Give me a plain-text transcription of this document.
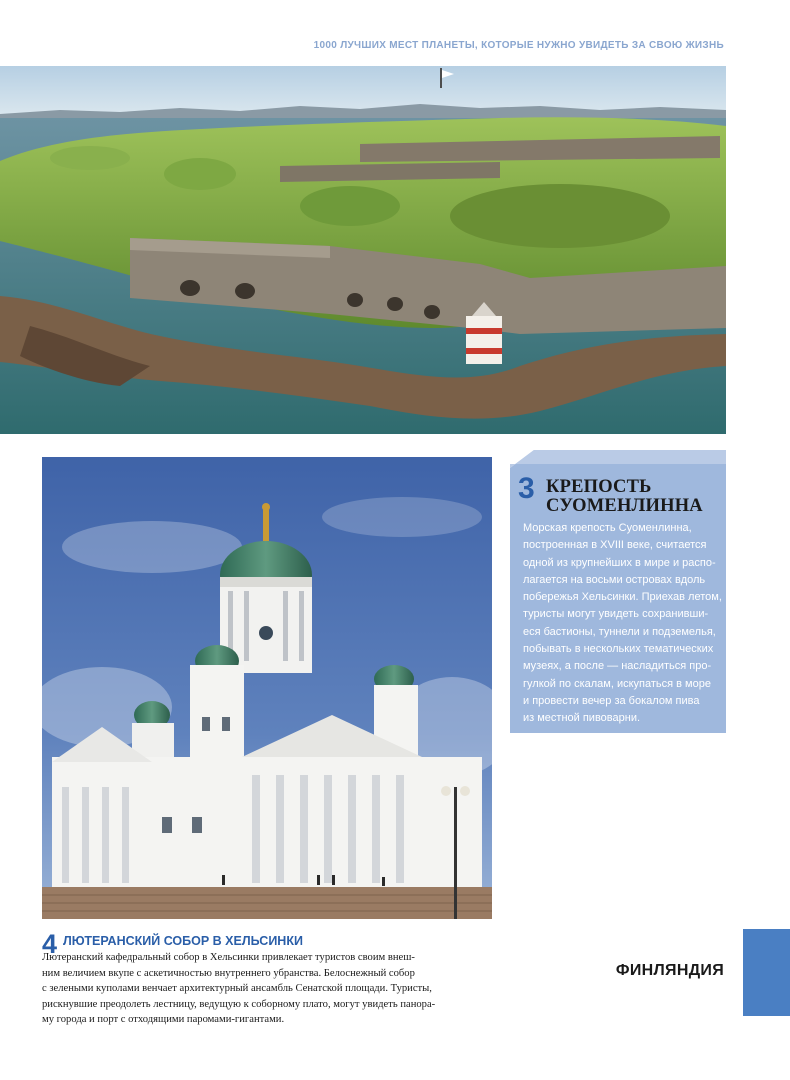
1000 ЛУЧШИХ МЕСТ ПЛАНЕТЫ, КОТОРЫЕ НУЖНО УВИДЕТЬ ЗА СВОЮ ЖИЗНЬ
3 КРЕПОСТЬ
СУОМЕНЛИННА
Морская крепость Суоменлинна,
построенная в XVIII веке, считается
одной из крупнейших в мире и распо-
лагается на восьми островах вдоль
побережья Хельсинки. Приехав летом,
туристы могут увидеть сохранивши-
еся бастионы, туннели и подземелья,
побывать в нескольких тематических
музеях, а после — насладиться про-
гулкой по скалам, искупаться в море
и провести вечер за бокалом пива
из местной пивоварни.
4 ЛЮТЕРАНСКИЙ СОБОР В ХЕЛЬСИНКИ
Лютеранский кафедральный собор в Хельсинки привлекает туристов своим внеш-
ним величием вкупе с аскетичностью внутреннего убранства. Белоснежный собор
с зелеными куполами венчает архитектурный ансамбль Сенатской площади. Туристы,
рискнувшие преодолеть лестницу, ведущую к соборному плато, могут увидеть панора-
му города и порт с отходящими паромами-гигантами.
ФИНЛЯНДИЯ
